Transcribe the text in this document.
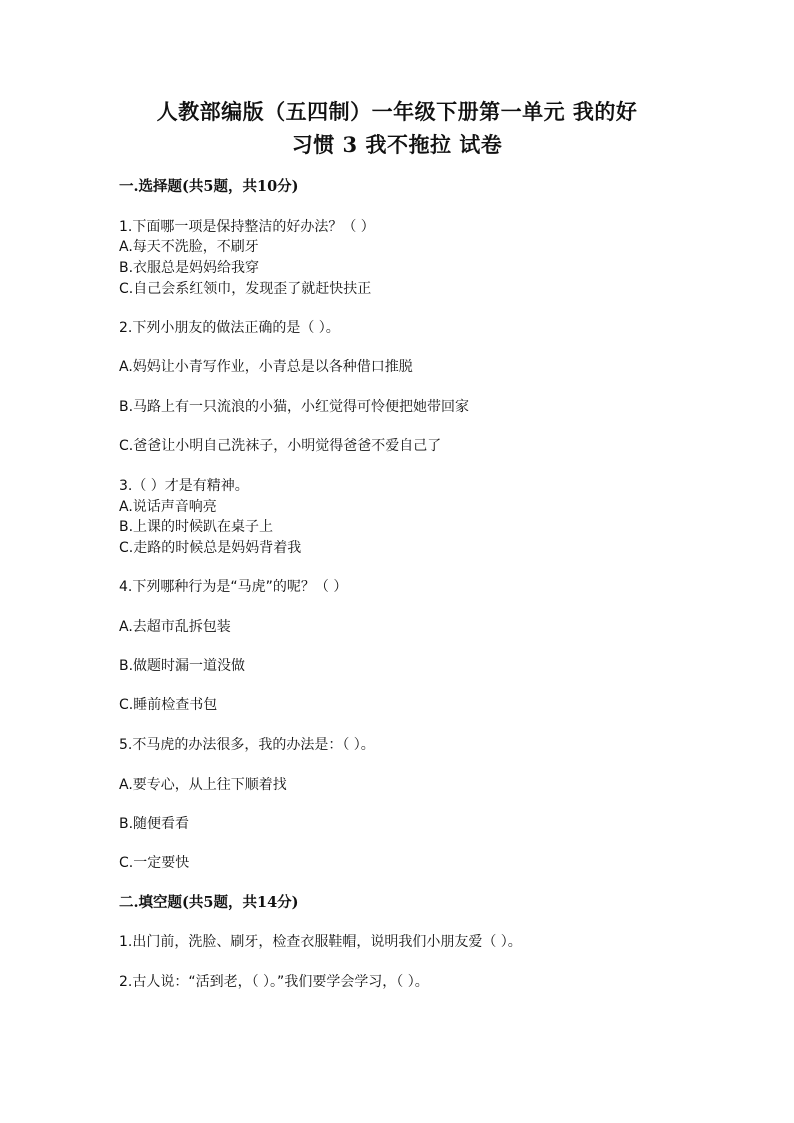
人教部编版（五四制）一年级下册第一单元 我的好
习惯 3 我不拖拉 试卷
一.选择题(共5题，共10分)
1.下面哪一项是保持整洁的好办法？（ ）
A.每天不洗脸，不刷牙
B.衣服总是妈妈给我穿
C.自己会系红领巾，发现歪了就赶快扶正
2.下列小朋友的做法正确的是（ ）。
A.妈妈让小青写作业，小青总是以各种借口推脱
B.马路上有一只流浪的小猫，小红觉得可怜便把她带回家
C.爸爸让小明自己洗袜子，小明觉得爸爸不爱自己了
3.（ ）才是有精神。
A.说话声音响亮
B.上课的时候趴在桌子上
C.走路的时候总是妈妈背着我
4.下列哪种行为是“马虎”的呢？（ ）
A.去超市乱拆包装
B.做题时漏一道没做
C.睡前检查书包
5.不马虎的办法很多，我的办法是：（ ）。
A.要专心，从上往下顺着找
B.随便看看
C.一定要快
二.填空题(共5题，共14分)
1.出门前，洗脸、刷牙，检查衣服鞋帽，说明我们小朋友爱（ ）。
2.古人说：“活到老，（ ）。”我们要学会学习，（ ）。
